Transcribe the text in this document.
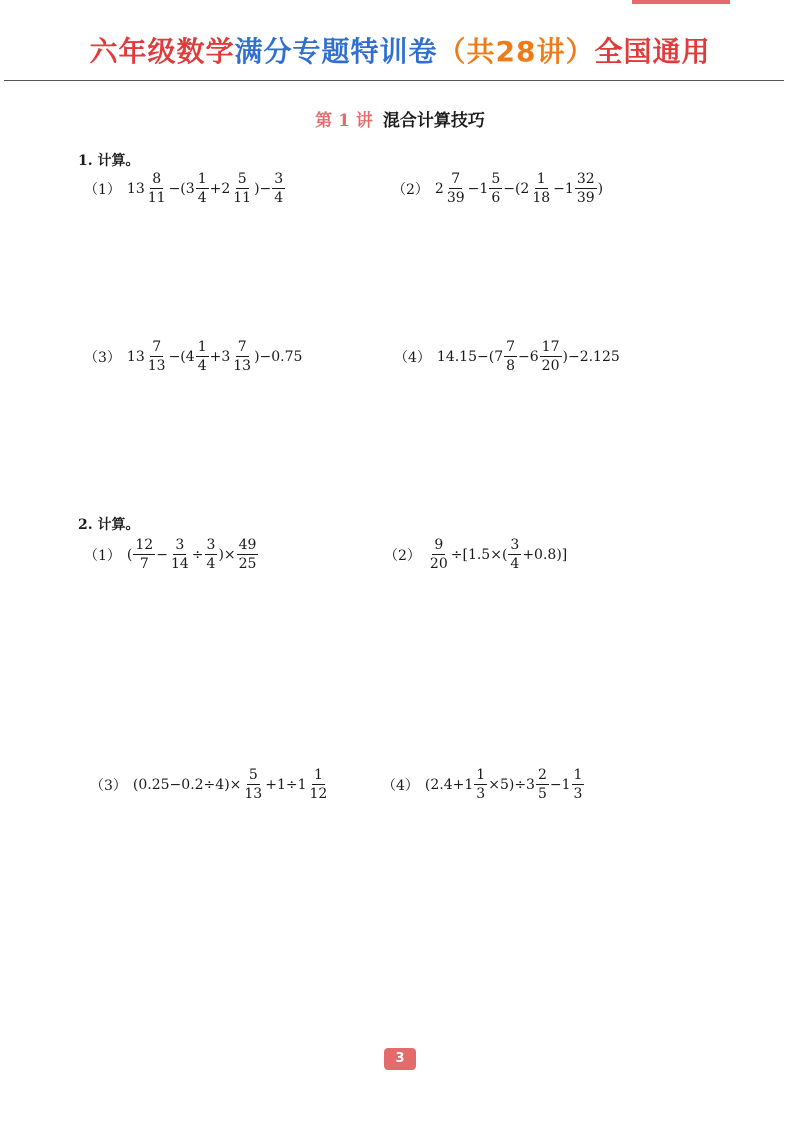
六年级数学满分专题特训卷（共28讲）全国通用
第 1 讲 混合计算技巧
1. 计算。
（1） $13 \frac{8}{11} -(3 \frac{1}{4} +2 \frac{5}{11}$ )− $\frac{3}{4}$	（2） $2 \frac{7}{39} -1 \frac{5}{6} -(2 \frac{1}{18} -1 \frac{32}{39}$ )
（3） $13 \frac{7}{13} -(4 \frac{1}{4} +3 \frac{7}{13} )-0.75$	（4） $14.15-(7 \frac{7}{8} -6 \frac{17}{20} )-2.125$
2. 计算。
（1） ( $\frac{12}{7} - \frac{3}{14} \div \frac{3}{4}$ )× $\frac{49}{25}$	$(2) \frac{9}{20} \div[1.5\times( \frac{3}{4} +0.8)]$
（3） $(0.25-0.2\div 4)\times \frac{5}{13} +1\div 1 \frac{1}{12}$	（4） $(2.4+1 \frac{1}{3} \times 5)\div 3 \frac{2}{5} -1 \frac{1}{3}$
3
